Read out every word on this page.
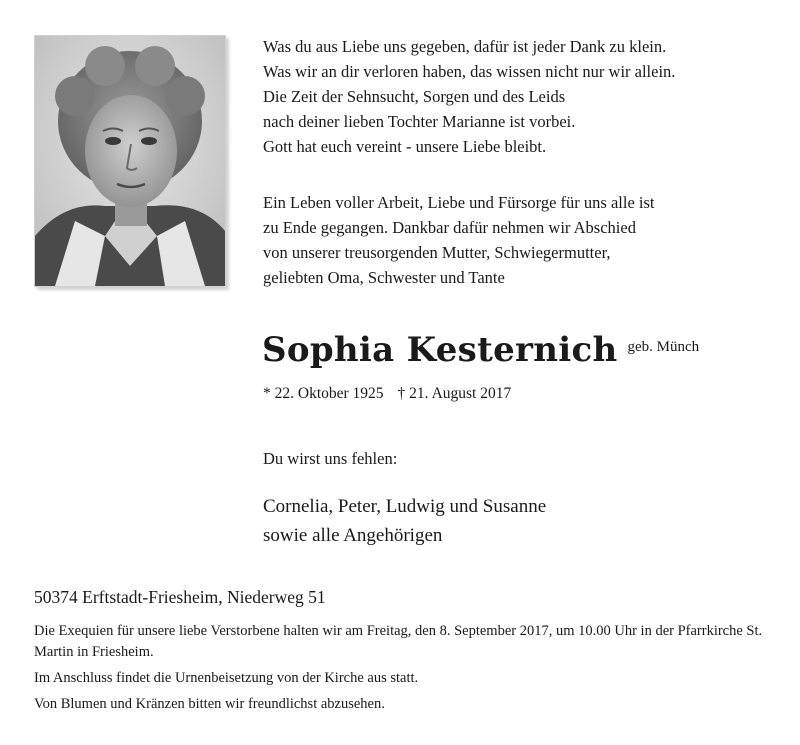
Was du aus Liebe uns gegeben, dafür ist jeder Dank zu klein.
Was wir an dir verloren haben, das wissen nicht nur wir allein.
Die Zeit der Sehnsucht, Sorgen und des Leids
nach deiner lieben Tochter Marianne ist vorbei.
Gott hat euch vereint - unsere Liebe bleibt.
Ein Leben voller Arbeit, Liebe und Fürsorge für uns alle ist
zu Ende gegangen. Dankbar dafür nehmen wir Abschied
von unserer treusorgenden Mutter, Schwiegermutter,
geliebten Oma, Schwester und Tante
Sophia Kesternich geb. Münch
* 22. Oktober 1925 † 21. August 2017
Du wirst uns fehlen:
Cornelia, Peter, Ludwig und Susanne
sowie alle Angehörigen
50374 Erftstadt-Friesheim, Niederweg 51

Die Exequien für unsere liebe Verstorbene halten wir am Freitag, den 8. September 2017, um 10.00 Uhr in der Pfarrkirche St. Martin in Friesheim.

Im Anschluss findet die Urnenbeisetzung von der Kirche aus statt.

Von Blumen und Kränzen bitten wir freundlichst abzusehen.
